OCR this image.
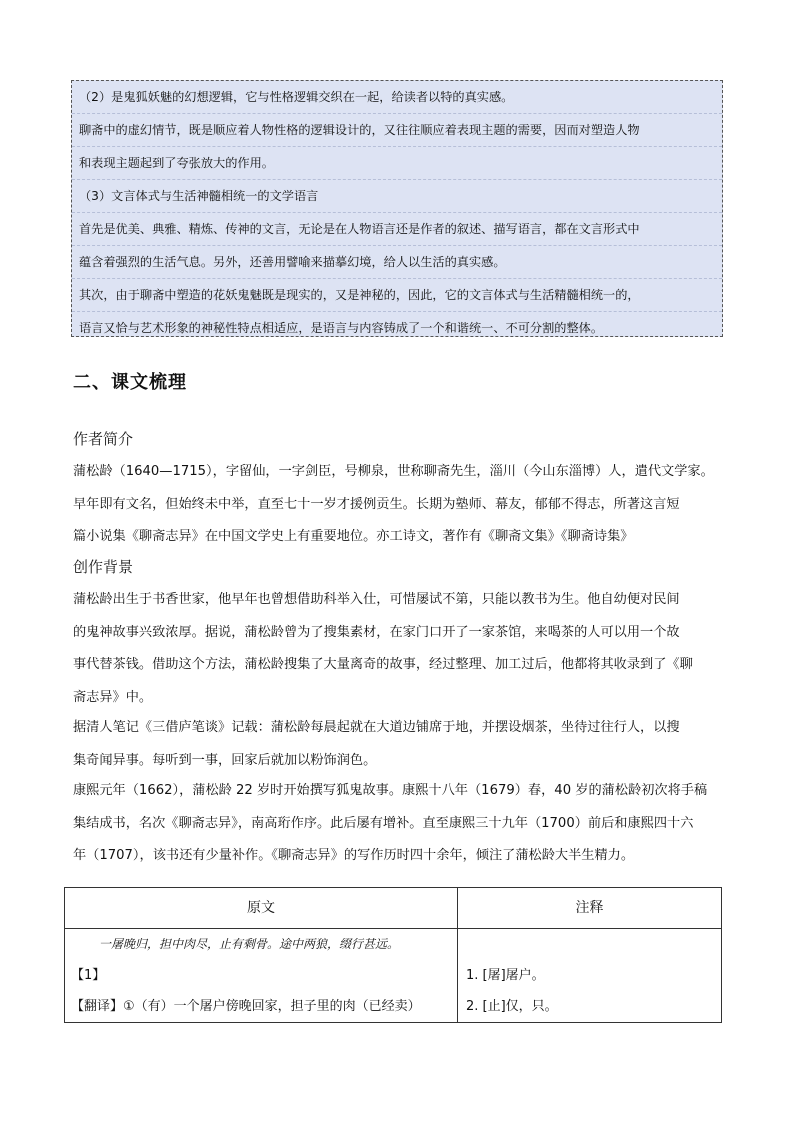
（2）是鬼狐妖魅的幻想逻辑，它与性格逻辑交织在一起，给读者以特的真实感。
聊斋中的虚幻情节，既是顺应着人物性格的逻辑设计的，又往往顺应着表现主题的需要，因而对塑造人物
和表现主题起到了夸张放大的作用。
（3）文言体式与生活神髓相统一的文学语言
首先是优美、典雅、精炼、传神的文言，无论是在人物语言还是作者的叙述、描写语言，都在文言形式中
蕴含着强烈的生活气息。另外，还善用譬喻来描摹幻境，给人以生活的真实感。
其次，由于聊斋中塑造的花妖鬼魅既是现实的，又是神秘的，因此，它的文言体式与生活精髓相统一的，
语言又恰与艺术形象的神秘性特点相适应，是语言与内容铸成了一个和谐统一、不可分割的整体。
二、课文梳理
作者简介
蒲松龄（1640—1715），字留仙，一字剑臣，号柳泉，世称聊斋先生，淄川（今山东淄博）人，遣代文学家。
早年即有文名，但始终未中举，直至七十一岁才援例贡生。长期为塾师、幕友，郁郁不得志，所著这言短
篇小说集《聊斋志异》在中国文学史上有重要地位。亦工诗文，著作有《聊斋文集》《聊斋诗集》
创作背景
蒲松龄出生于书香世家，他早年也曾想借助科举入仕，可惜屡试不第，只能以教书为生。他自幼便对民间
的鬼神故事兴致浓厚。据说，蒲松龄曾为了搜集素材，在家门口开了一家茶馆，来喝茶的人可以用一个故
事代替茶钱。借助这个方法，蒲松龄搜集了大量离奇的故事，经过整理、加工过后，他都将其收录到了《聊
斋志异》中。
据清人笔记《三借庐笔谈》记载：蒲松龄每晨起就在大道边铺席于地，并摆设烟茶，坐待过往行人，以搜
集奇闻异事。每听到一事，回家后就加以粉饰润色。
康熙元年（1662），蒲松龄 22 岁时开始撰写狐鬼故事。康熙十八年（1679）春，40 岁的蒲松龄初次将手稿
集结成书，名次《聊斋志异》，南高珩作序。此后屡有增补。直至康熙三十九年（1700）前后和康熙四十六
年（1707），该书还有少量补作。《聊斋志异》的写作历时四十余年，倾注了蒲松龄大半生精力。
原文	注释
一屠晚归，担中肉尽，止有剩骨。途中两狼，缀行甚远。
【1】
【翻译】①（有）一个屠户傍晚回家，担子里的肉（已经卖）
1. [屠]屠户。
2. [止]仅，只。
